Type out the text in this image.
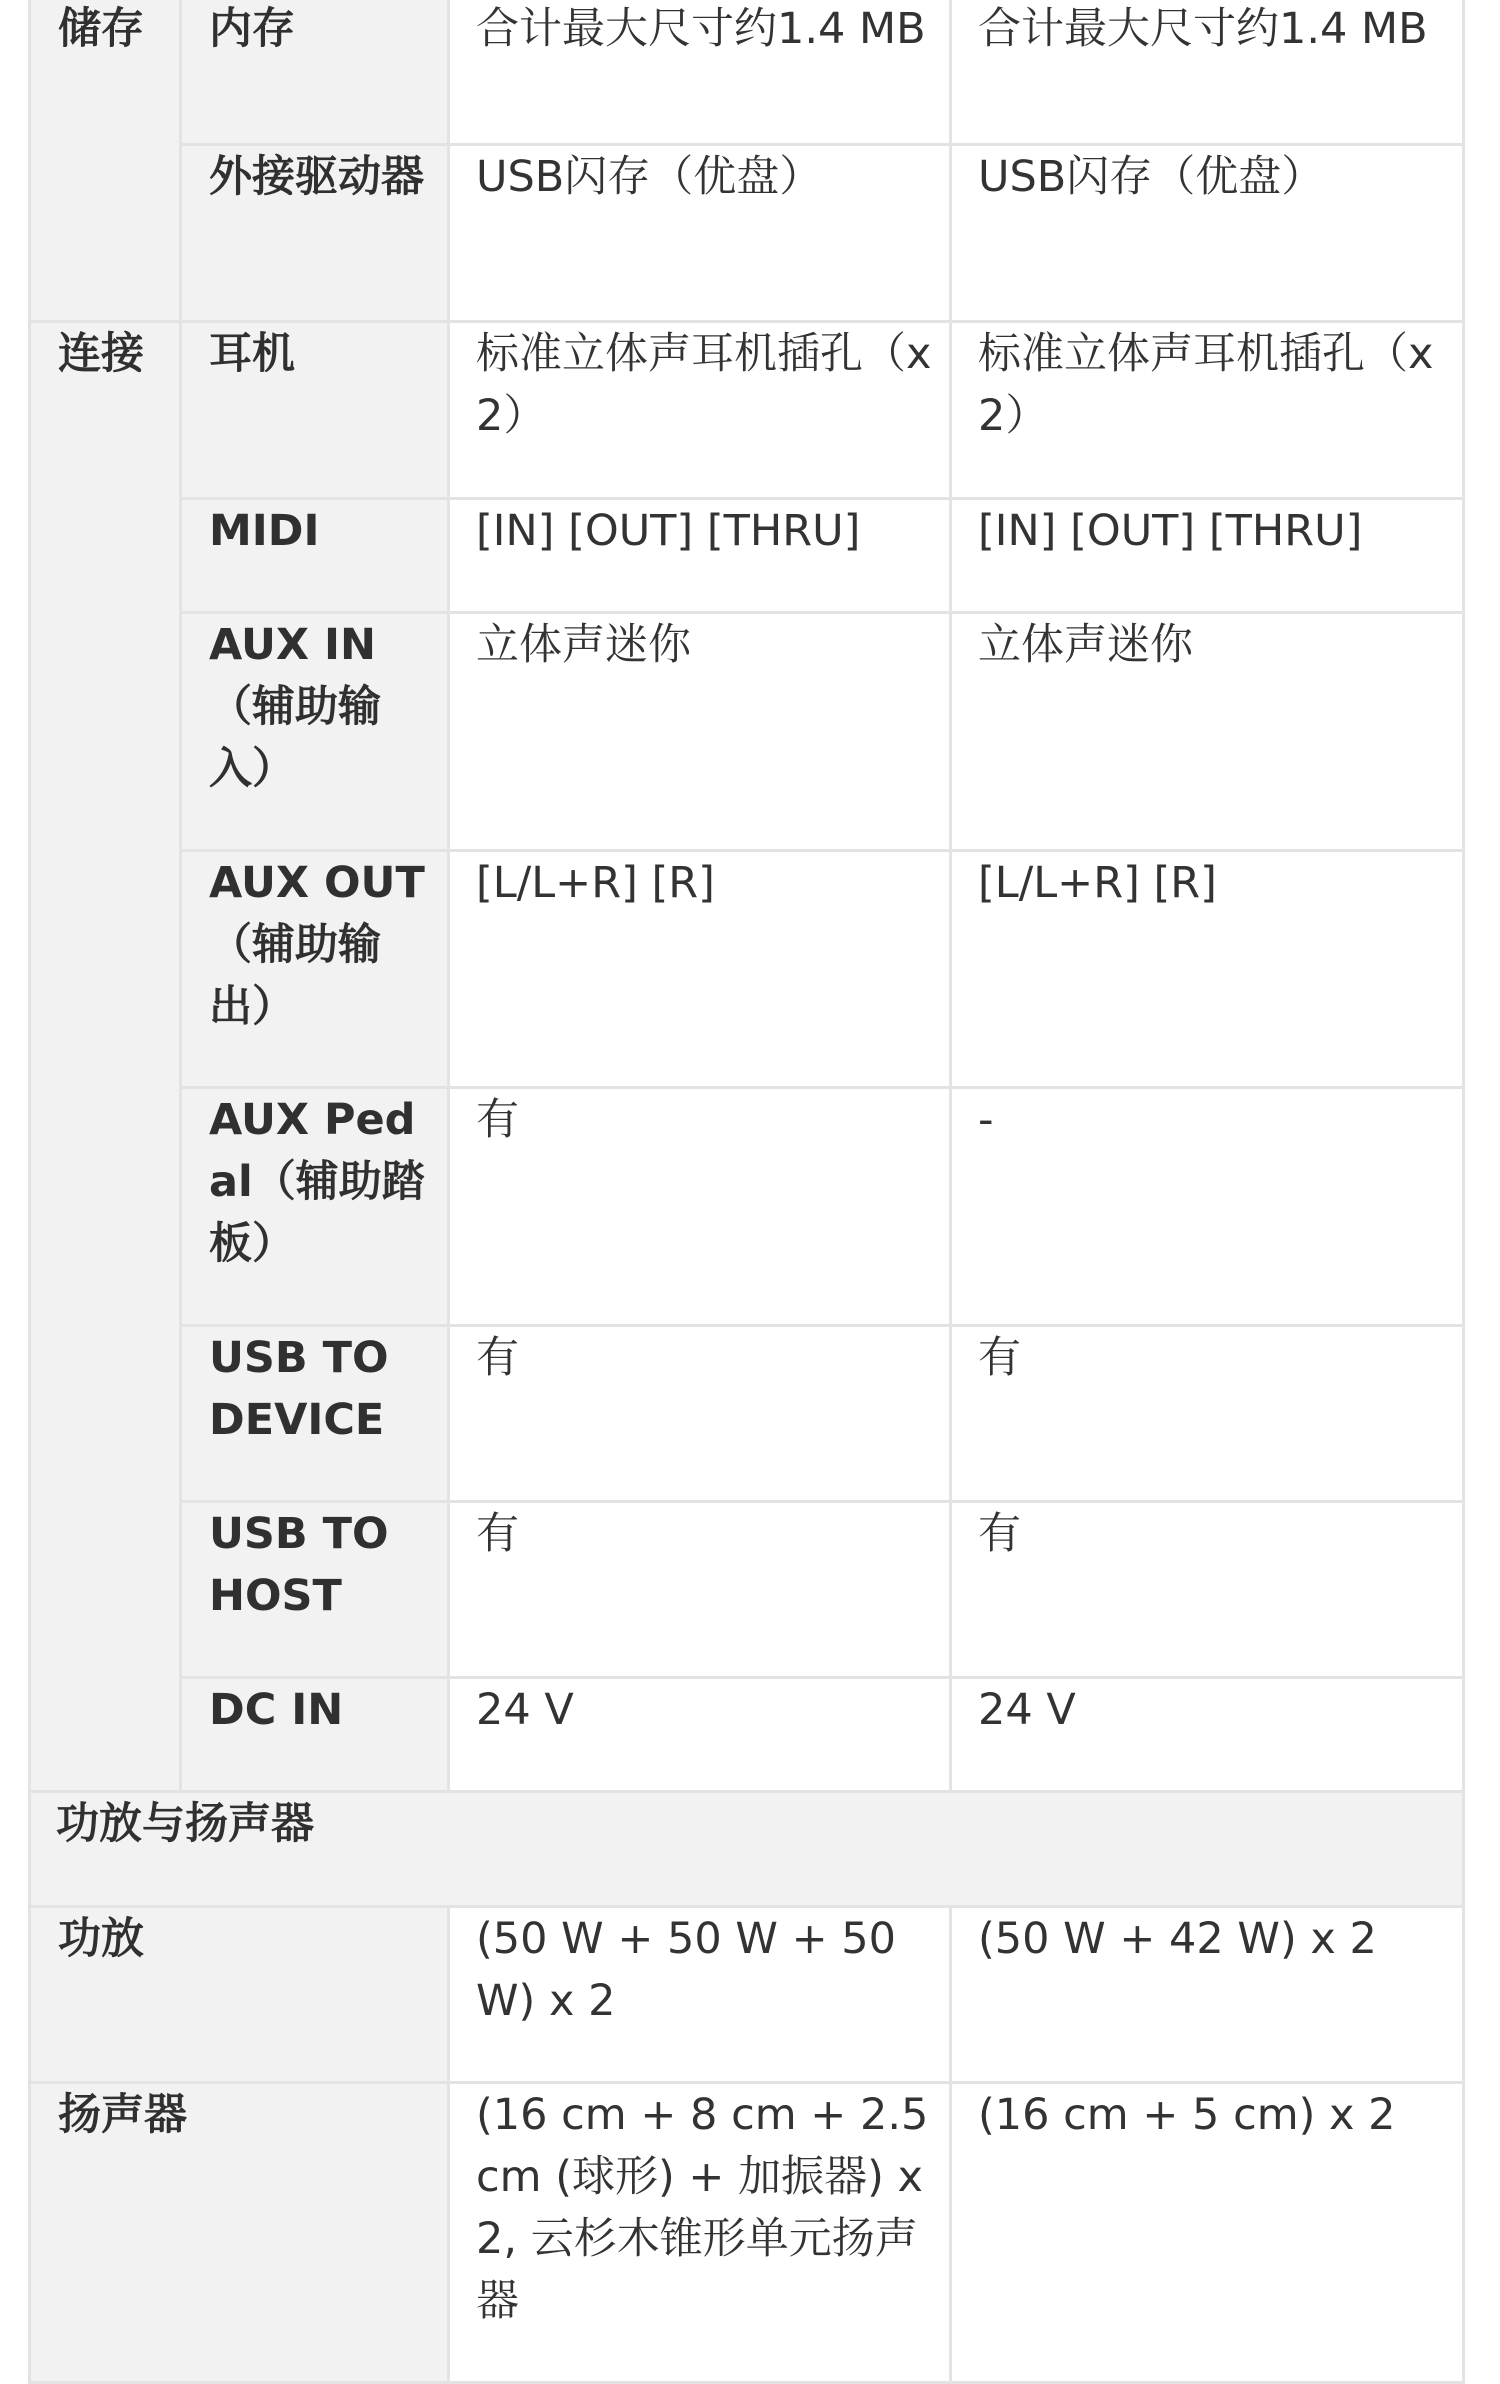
储存	内存	合计最大尺寸约1.4 MB	合计最大尺寸约1.4 MB
	外接驱动器	USB闪存（优盘）	USB闪存（优盘）
连接	耳机	标准立体声耳机插孔（x 2）	标准立体声耳机插孔（x 2）
	MIDI	[IN] [OUT] [THRU]	[IN] [OUT] [THRU]
	AUX IN（辅助输入）	立体声迷你	立体声迷你
	AUX OUT（辅助输出）	[L/L+R] [R]	[L/L+R] [R]
	AUX Pedal（辅助踏板）	有	-
	USB TO DEVICE	有	有
	USB TO HOST	有	有
	DC IN	24 V	24 V
功放与扬声器			
功放		(50 W + 50 W + 50 W) x 2	(50 W + 42 W) x 2
扬声器		(16 cm + 8 cm + 2.5 cm (球形) + 加振器) x 2, 云杉木锥形单元扬声器	(16 cm + 5 cm) x 2
